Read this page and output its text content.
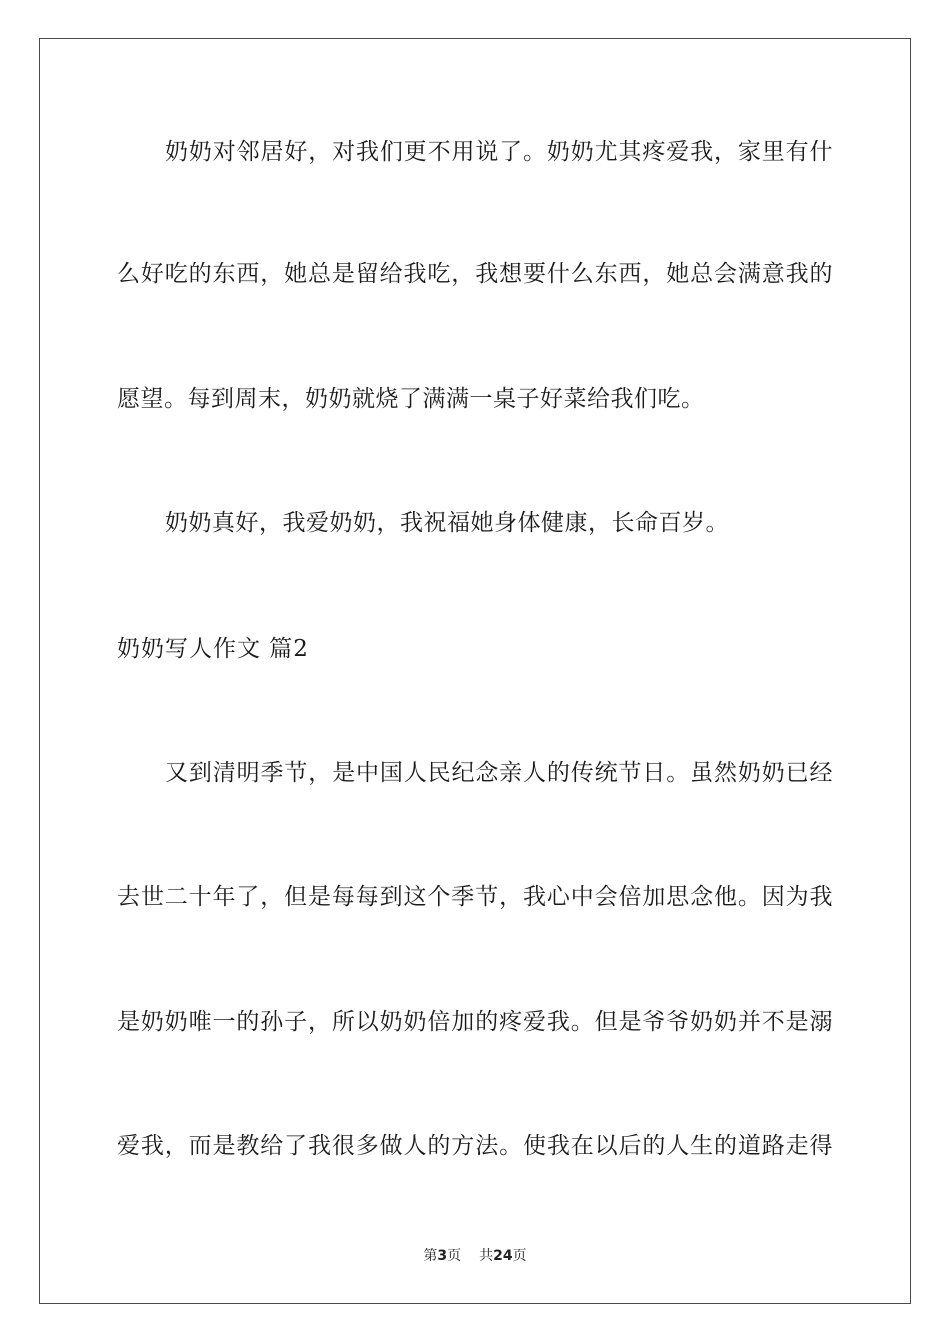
奶奶对邻居好，对我们更不用说了。奶奶尤其疼爱我，家里有什
么好吃的东西，她总是留给我吃，我想要什么东西，她总会满意我的
愿望。每到周末，奶奶就烧了满满一桌子好菜给我们吃。
奶奶真好，我爱奶奶，我祝福她身体健康，长命百岁。
奶奶写人作文 篇2
又到清明季节，是中国人民纪念亲人的传统节日。虽然奶奶已经
去世二十年了，但是每每到这个季节，我心中会倍加思念他。因为我
是奶奶唯一的孙子，所以奶奶倍加的疼爱我。但是爷爷奶奶并不是溺
爱我，而是教给了我很多做人的方法。使我在以后的人生的道路走得
第3页 共24页
